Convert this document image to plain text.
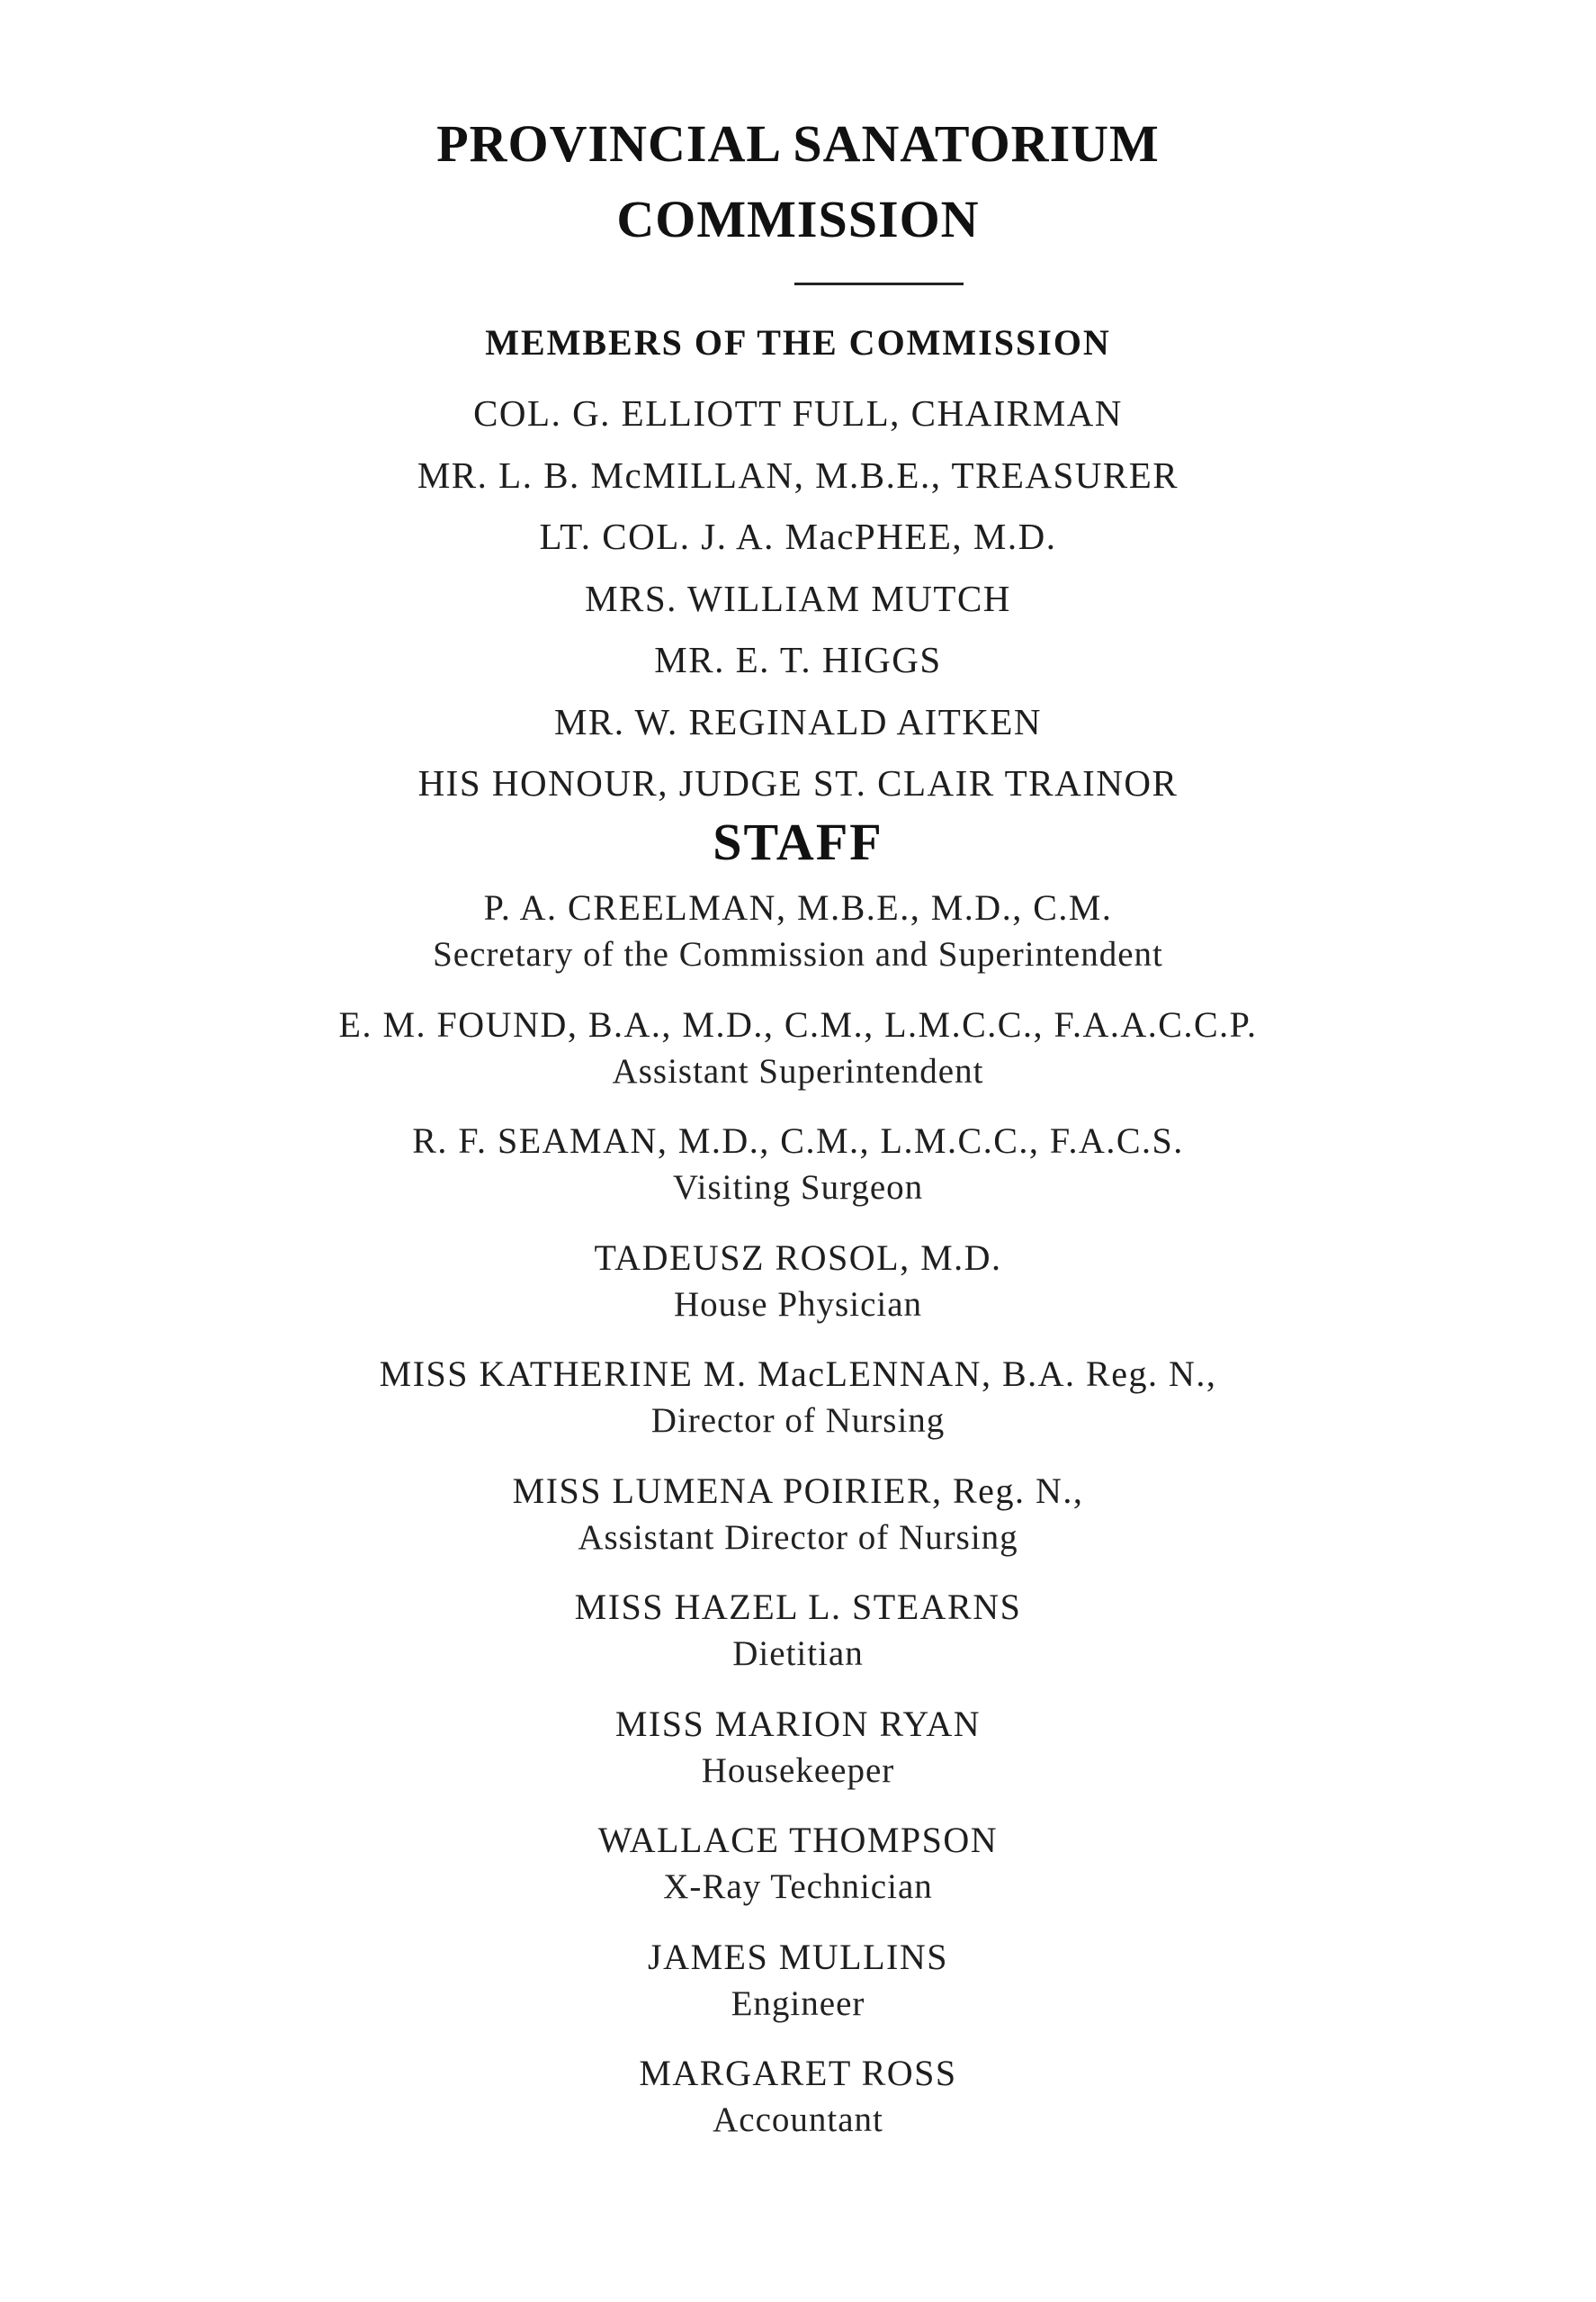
PROVINCIAL SANATORIUM
COMMISSION
MEMBERS OF THE COMMISSION
COL. G. ELLIOTT FULL, CHAIRMAN
MR. L. B. McMILLAN, M.B.E., TREASURER
LT. COL. J. A. MacPHEE, M.D.
MRS. WILLIAM MUTCH
MR. E. T. HIGGS
MR. W. REGINALD AITKEN
HIS HONOUR, JUDGE ST. CLAIR TRAINOR
STAFF
P. A. CREELMAN, M.B.E., M.D., C.M.
Secretary of the Commission and Superintendent
E. M. FOUND, B.A., M.D., C.M., L.M.C.C., F.A.A.C.C.P.
Assistant Superintendent
R. F. SEAMAN, M.D., C.M., L.M.C.C., F.A.C.S.
Visiting Surgeon
TADEUSZ ROSOL, M.D.
House Physician
MISS KATHERINE M. MacLENNAN, B.A. Reg. N.,
Director of Nursing
MISS LUMENA POIRIER, Reg. N.,
Assistant Director of Nursing
MISS HAZEL L. STEARNS
Dietitian
MISS MARION RYAN
Housekeeper
WALLACE THOMPSON
X-Ray Technician
JAMES MULLINS
Engineer
MARGARET ROSS
Accountant
